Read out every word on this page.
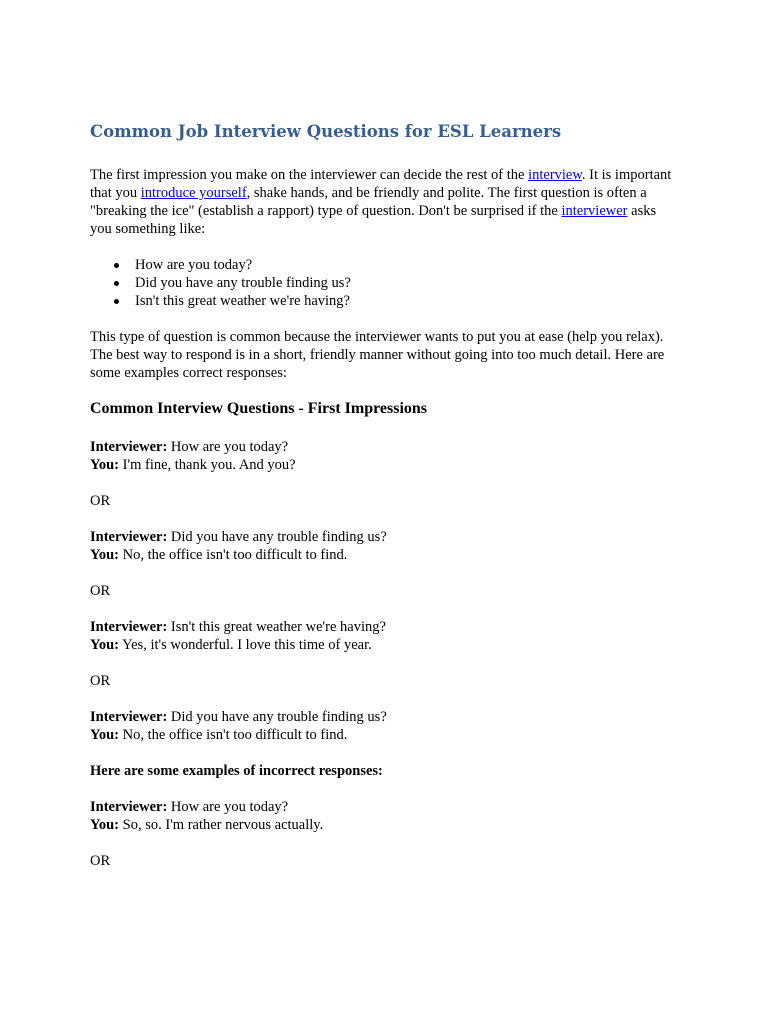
Common Job Interview Questions for ESL Learners

The first impression you make on the interviewer can decide the rest of the interview. It is important that you introduce yourself, shake hands, and be friendly and polite. The first question is often a "breaking the ice" (establish a rapport) type of question. Don't be surprised if the interviewer asks you something like:

How are you today?
Did you have any trouble finding us?
Isn't this great weather we're having?

This type of question is common because the interviewer wants to put you at ease (help you relax). The best way to respond is in a short, friendly manner without going into too much detail. Here are some examples correct responses:

Common Interview Questions - First Impressions

Interviewer: How are you today?

You: I'm fine, thank you. And you?

OR

Interviewer: Did you have any trouble finding us?

You: No, the office isn't too difficult to find.

OR

Interviewer: Isn't this great weather we're having?

You: Yes, it's wonderful. I love this time of year.

OR

Interviewer: Did you have any trouble finding us?

You: No, the office isn't too difficult to find.

Here are some examples of incorrect responses:

Interviewer: How are you today?

You: So, so. I'm rather nervous actually.

OR
